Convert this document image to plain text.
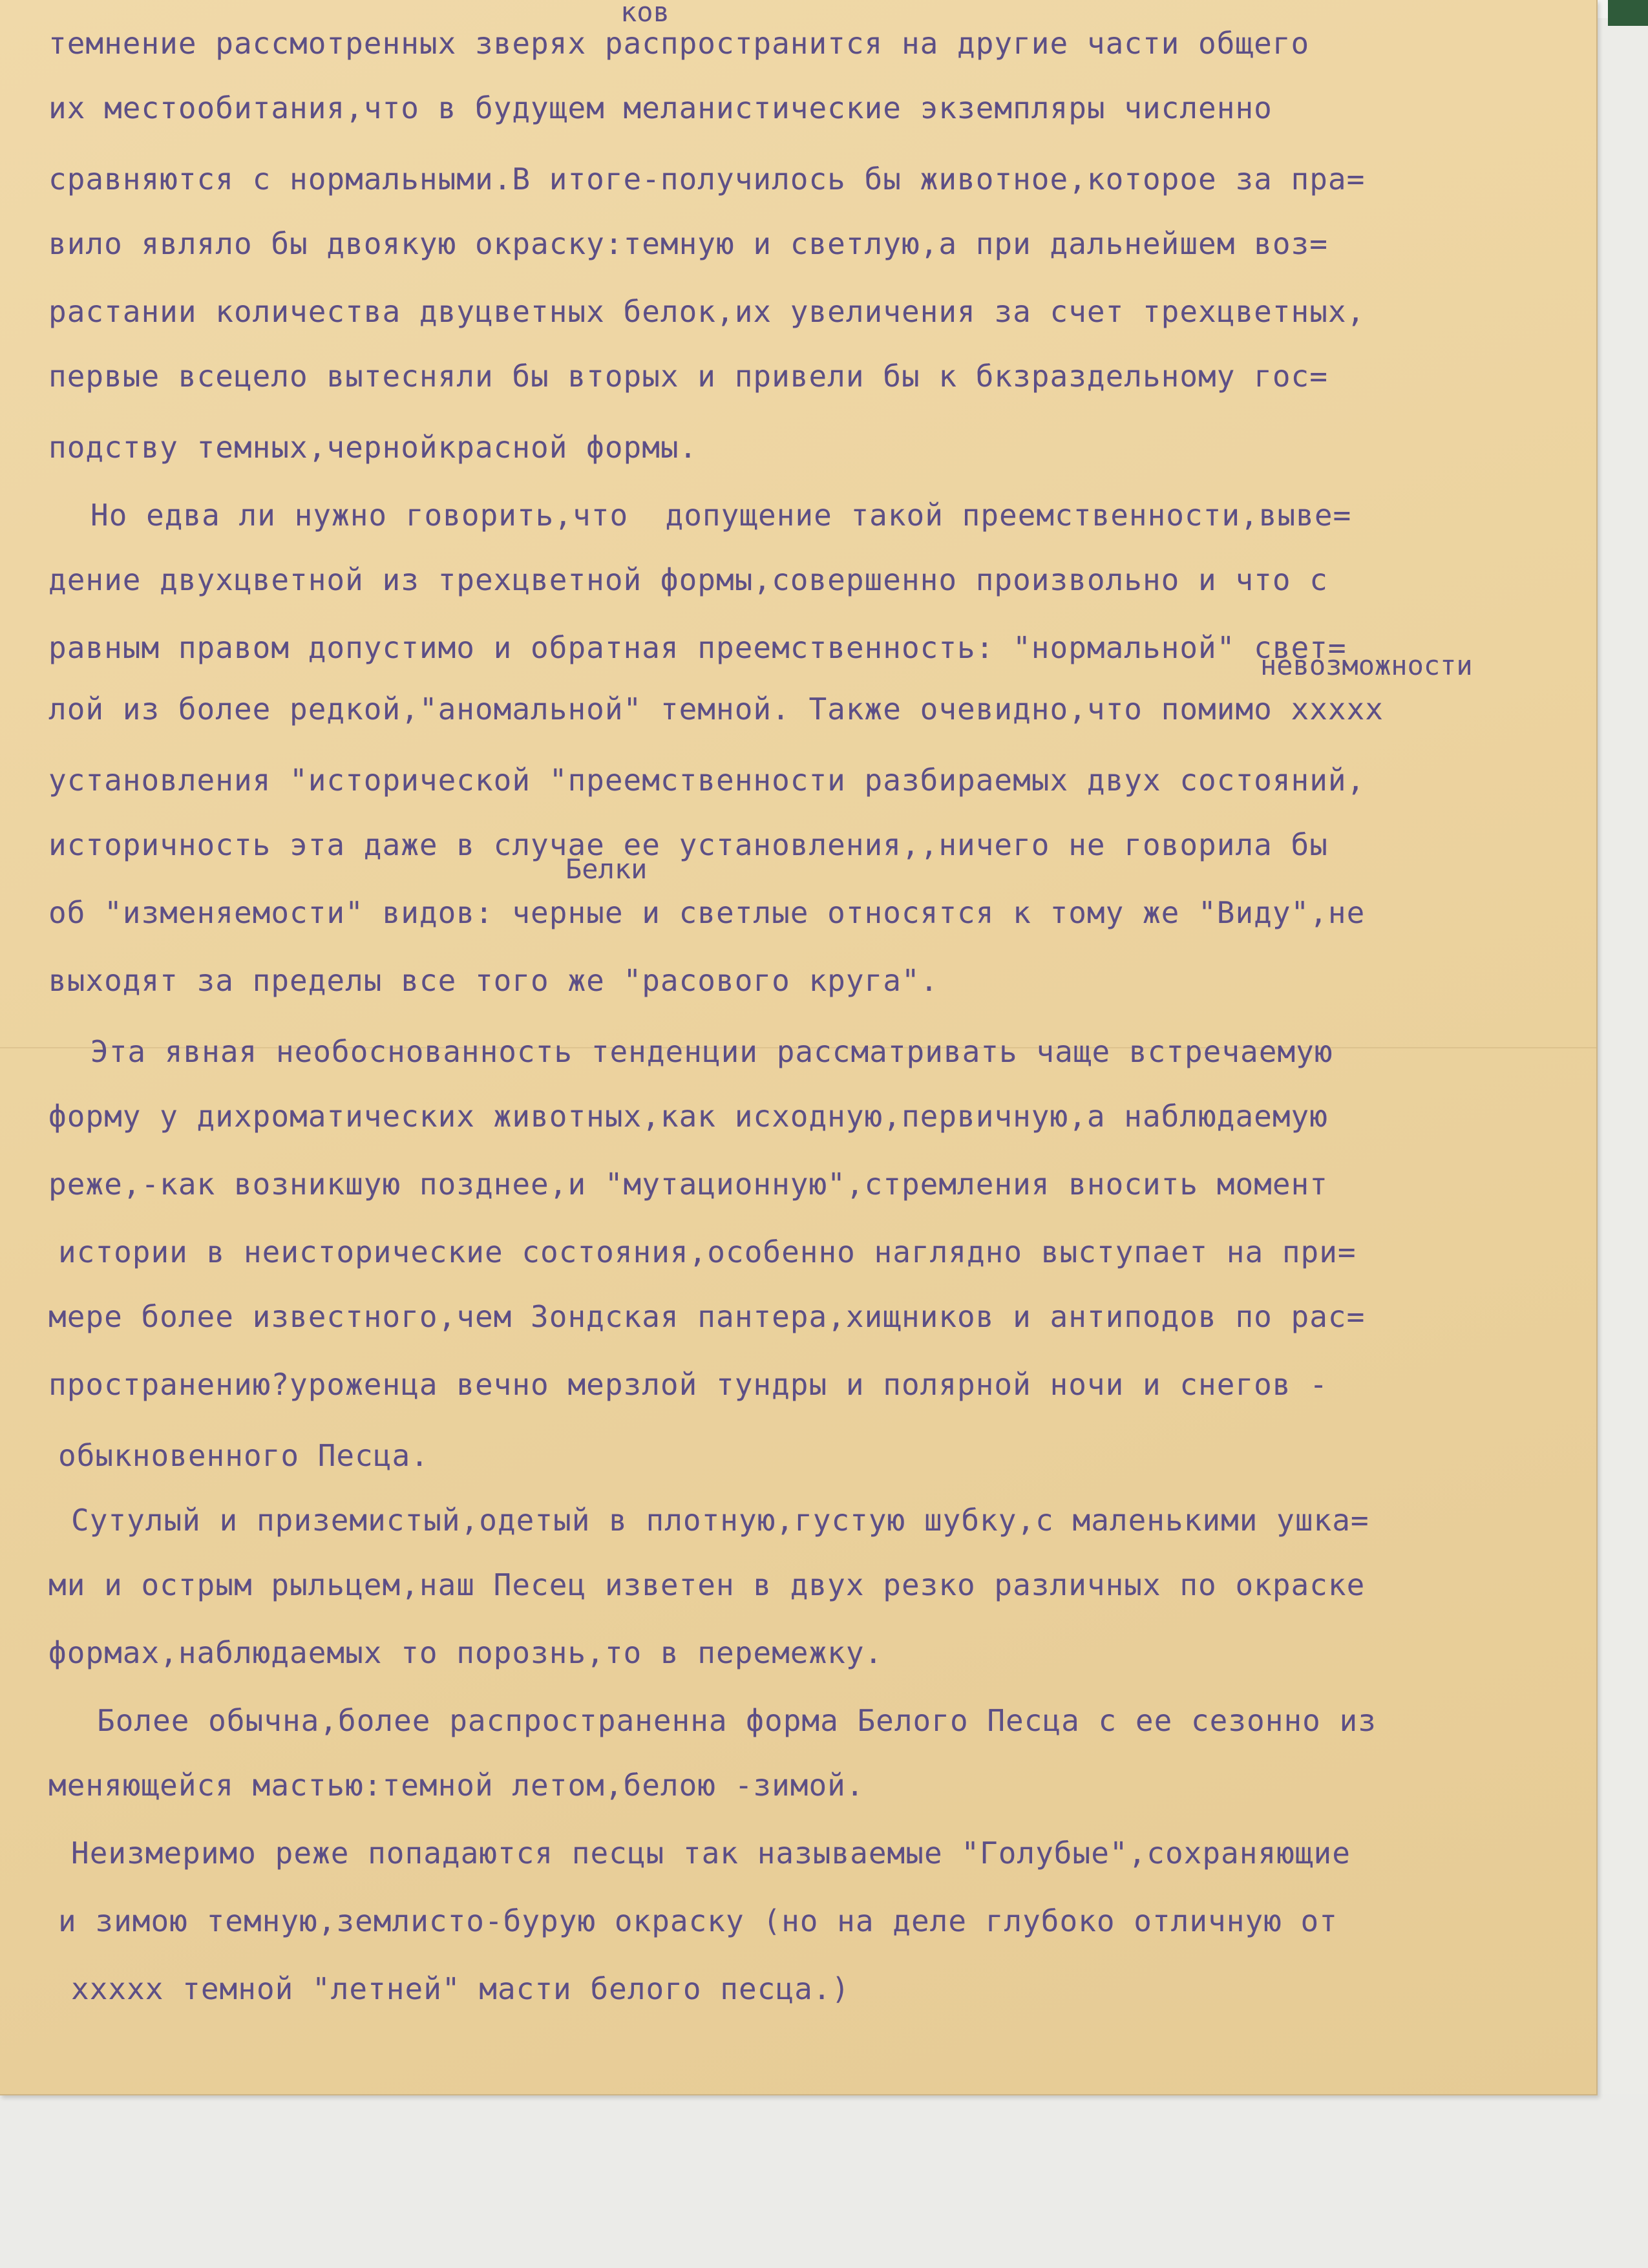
ков

невозможности

Белки

темнение рассмотренных зверях распространится на другие части общего

их местообитания,что в будущем меланистические экземпляры численно

сравняются с нормальными.В итоге-получилось бы животное,которое за пра=

вило являло бы двоякую окраску:темную и светлую,а при дальнейшем воз=

растании количества двуцветных белок,их увеличения за счет трехцветных,

первые всецело вытесняли бы вторых и привели бы к бкзраздельному гос=

подству темных,чернойкрасной формы.

Но едва ли нужно говорить,что  допущение такой преемственности,выве=

дение двухцветной из трехцветной формы,совершенно произвольно и что с

равным правом допустимо и обратная преемственность: "нормальной" свет=

лой из более редкой,"аномальной" темной. Также очевидно,что помимо xxxxx

установления "исторической "преемственности разбираемых двух состояний,

историчность эта даже в случае ее установления,,ничего не говорила бы

об "изменяемости" видов: черные и светлые относятся к тому же "Виду",не

выходят за пределы все того же "расового круга".

Эта явная необоснованность тенденции рассматривать чаще встречаемую

форму у дихроматических животных,как исходную,первичную,а наблюдаемую

реже,-как возникшую позднее,и "мутационную",стремления вносить момент

истории в неисторические состояния,особенно наглядно выступает на при=

мере более известного,чем Зондская пантера,хищников и антиподов по рас=

пространению?уроженца вечно мерзлой тундры и полярной ночи и снегов -

обыкновенного Песца.

Сутулый и приземистый,одетый в плотную,густую шубку,с маленькими ушка=

ми и острым рыльцем,наш Песец изветен в двух резко различных по окраске

формах,наблюдаемых то порознь,то в перемежку.

Более обычна,более распространенна форма Белого Песца с ее сезонно из

меняющейся мастью:темной летом,белою -зимой.

Неизмеримо реже попадаются песцы так называемые "Голубые",сохраняющие

и зимою темную,землисто-бурую окраску (но на деле глубоко отличную от

xxxxx темной "летней" масти белого песца.)
